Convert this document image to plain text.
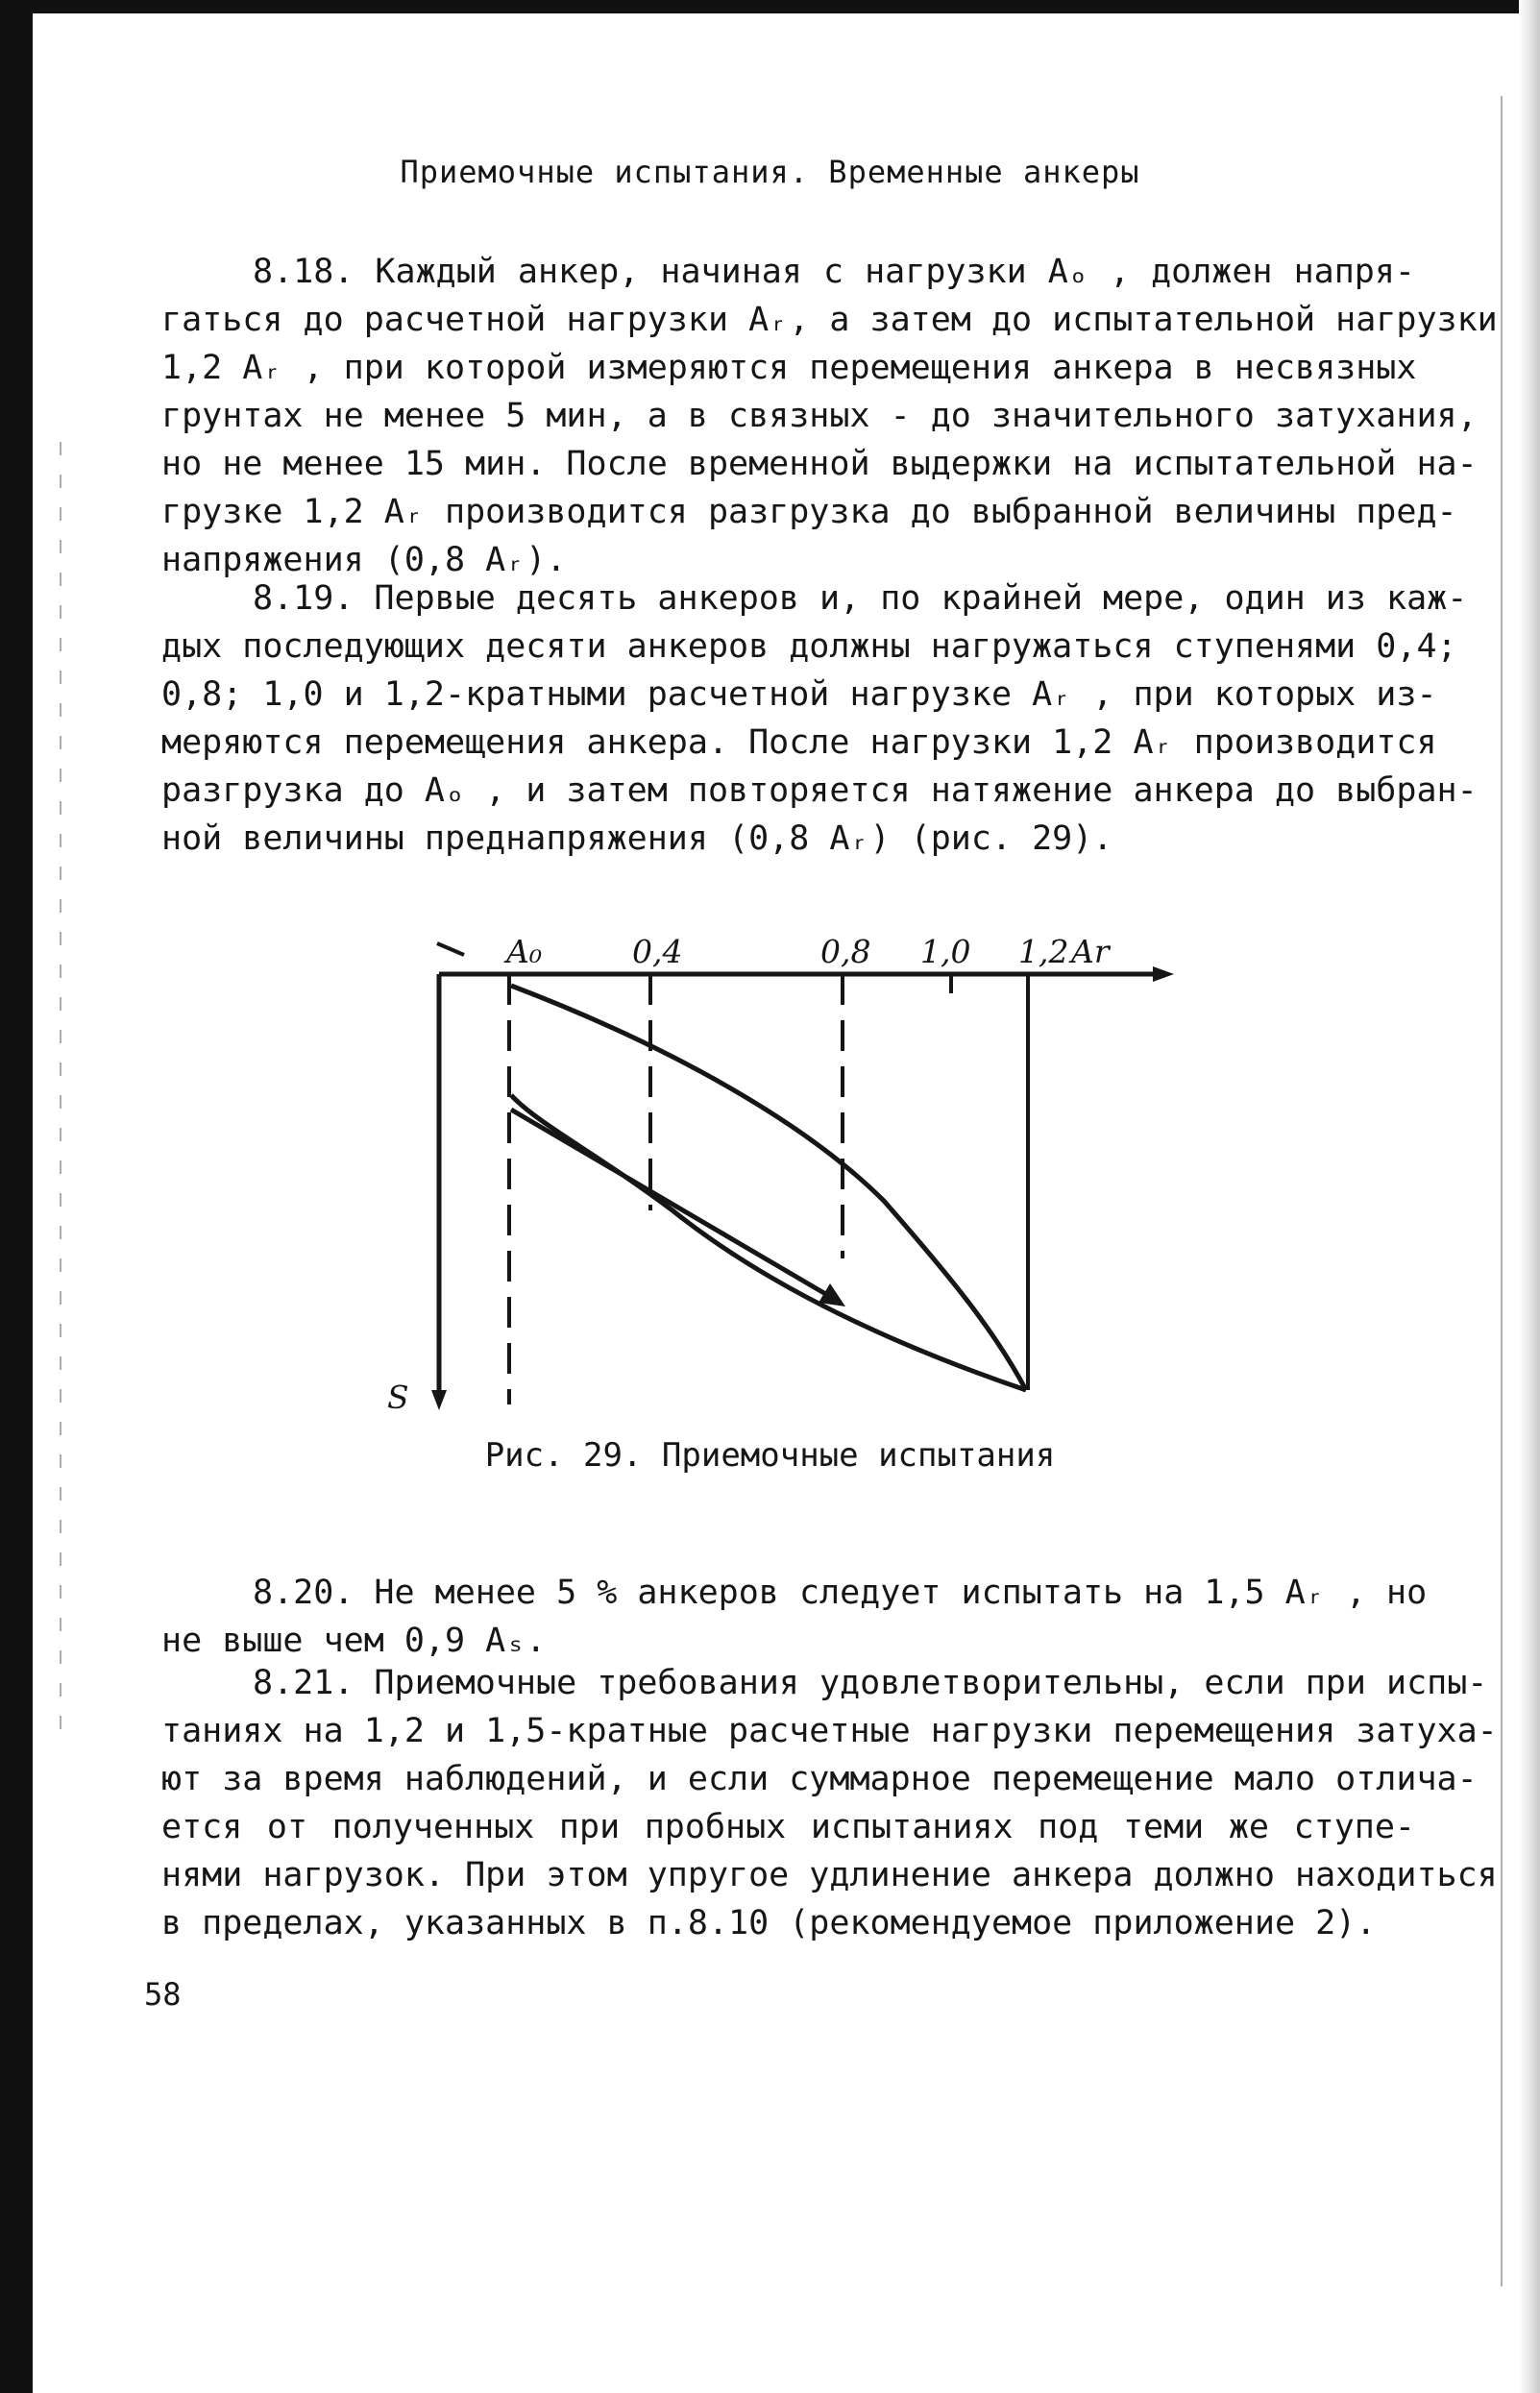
Приемочные испытания. Временные анкеры
8.18. Каждый анкер, начиная с нагрузки Aₒ , должен напря-
гаться до расчетной нагрузки Aᵣ, а затем до испытательной нагрузки
1,2 Aᵣ , при которой измеряются перемещения анкера в несвязных
грунтах не менее 5 мин, а в связных - до значительного затухания,
но не менее 15 мин. После временной выдержки на испытательной на-
грузке 1,2 Aᵣ производится разгрузка до выбранной величины пред-
напряжения (0,8 Aᵣ).
8.19. Первые десять анкеров и, по крайней мере, один из каж-
дых последующих десяти анкеров должны нагружаться ступенями 0,4;
0,8; 1,0 и 1,2-кратными расчетной нагрузке Aᵣ , при которых из-
меряются перемещения анкера. После нагрузки 1,2 Aᵣ производится
разгрузка до Aₒ , и затем повторяется натяжение анкера до выбран-
ной величины преднапряжения (0,8 Aᵣ) (рис. 29).
A₀	0,4	0,8 1,0 1,2 Ar
S
Рис. 29. Приемочные испытания
8.20. Не менее 5 % анкеров следует испытать на 1,5 Aᵣ , но
не выше чем 0,9 Aₛ.
8.21. Приемочные требования удовлетворительны, если при испы-
таниях на 1,2 и 1,5-кратные расчетные нагрузки перемещения затуха-
ют за время наблюдений, и если суммарное перемещение мало отлича-
ется от полученных при пробных испытаниях под теми же ступе-
нями нагрузок. При этом упругое удлинение анкера должно находиться
в пределах, указанных в п.8.10 (рекомендуемое приложение 2).
58
